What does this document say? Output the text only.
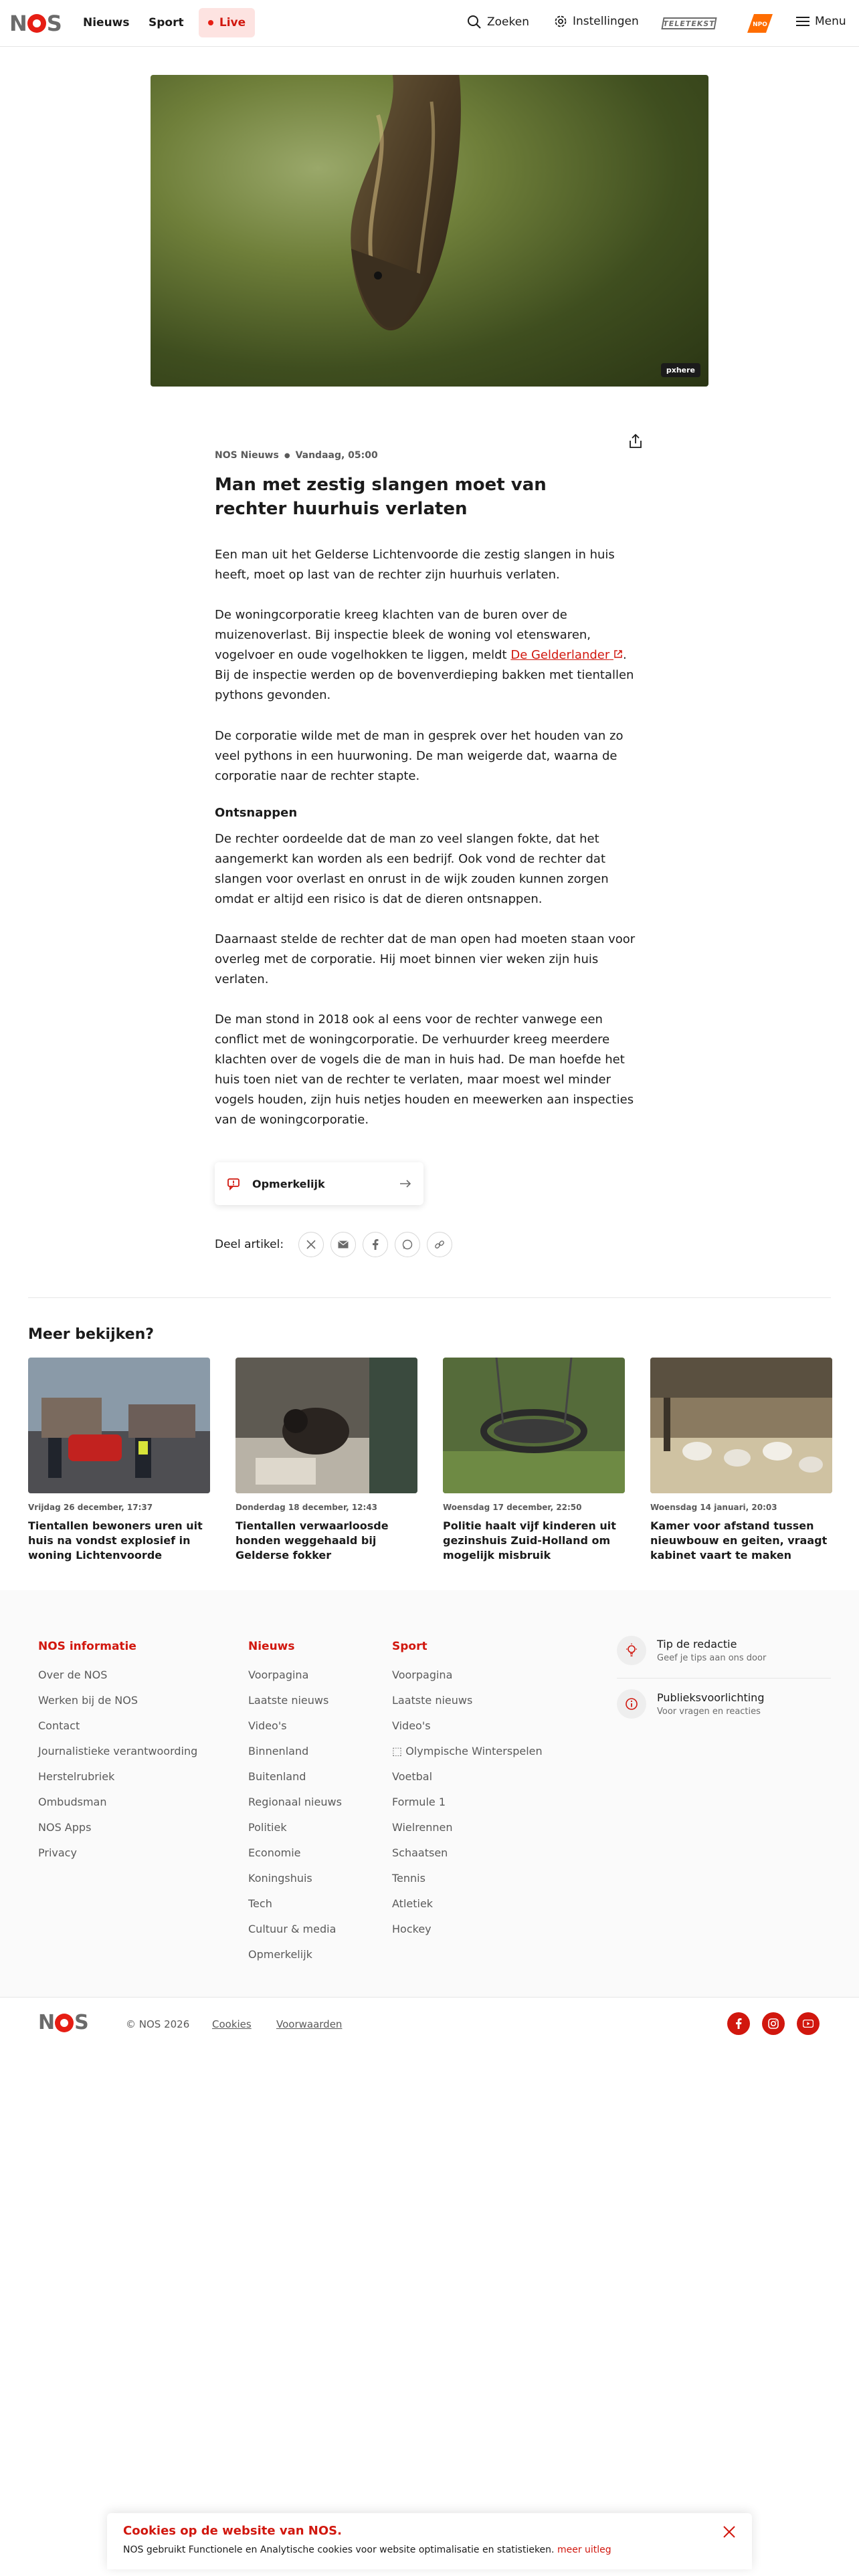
N S Nieuws Sport	Live	Zoeken	Instellingen	TELETEKST	NPO	Menu
pxhere
NOS Nieuws ● Vandaag, 05:00
Man met zestig slangen moet van rechter huurhuis verlaten

Een man uit het Gelderse Lichtenvoorde die zestig slangen in huis heeft, moet op last van de rechter zijn huurhuis verlaten.

De woningcorporatie kreeg klachten van de buren over de muizenoverlast. Bij inspectie bleek de woning vol etenswaren, vogelvoer en oude vogelhokken te liggen, meldt De Gelderlander . Bij de inspectie werden op de bovenverdieping bakken met tientallen pythons gevonden.

De corporatie wilde met de man in gesprek over het houden van zo veel pythons in een huurwoning. De man weigerde dat, waarna de corporatie naar de rechter stapte.

Ontsnappen

De rechter oordeelde dat de man zo veel slangen fokte, dat het aangemerkt kan worden als een bedrijf. Ook vond de rechter dat slangen voor overlast en onrust in de wijk zouden kunnen zorgen omdat er altijd een risico is dat de dieren ontsnappen.

Daarnaast stelde de rechter dat de man open had moeten staan voor overleg met de corporatie. Hij moet binnen vier weken zijn huis verlaten.

De man stond in 2018 ook al eens voor de rechter vanwege een conflict met de woningcorporatie. De verhuurder kreeg meerdere klachten over de vogels die de man in huis had. De man hoefde het huis toen niet van de rechter te verlaten, maar moest wel minder vogels houden, zijn huis netjes houden en meewerken aan inspecties van de woningcorporatie.

Opmerkelijk
Deel artikel:
Meer bekijken?
Vrijdag 26 december, 17:37
Tientallen bewoners uren uit huis na vondst explosief in woning Lichtenvoorde
Donderdag 18 december, 12:43
Tientallen verwaarloosde honden weggehaald bij Gelderse fokker
Woensdag 17 december, 22:50
Politie haalt vijf kinderen uit gezinshuis Zuid-Holland om mogelijk misbruik
Woensdag 14 januari, 20:03
Kamer voor afstand tussen nieuwbouw en geiten, vraagt kabinet vaart te maken
NOS informatie
Over de NOS
Werken bij de NOS
Contact
Journalistieke verantwoording
Herstelrubriek
Ombudsman
NOS Apps
Privacy
Nieuws
Voorpagina
Laatste nieuws
Video's
Binnenland
Buitenland
Regionaal nieuws
Politiek
Economie
Koningshuis
Tech
Cultuur & media
Opmerkelijk
Sport
Voorpagina
Laatste nieuws
Video's
⬚ Olympische Winterspelen
Voetbal
Formule 1
Wielrennen
Schaatsen
Tennis
Atletiek
Hockey
Tip de redactie
Geef je tips aan ons door
Publieksvoorlichting
Voor vragen en reacties
N S	© NOS 2026 Cookies Voorwaarden
Cookies op de website van NOS.
NOS gebruikt Functionele en Analytische cookies voor website optimalisatie en statistieken. meer uitleg
